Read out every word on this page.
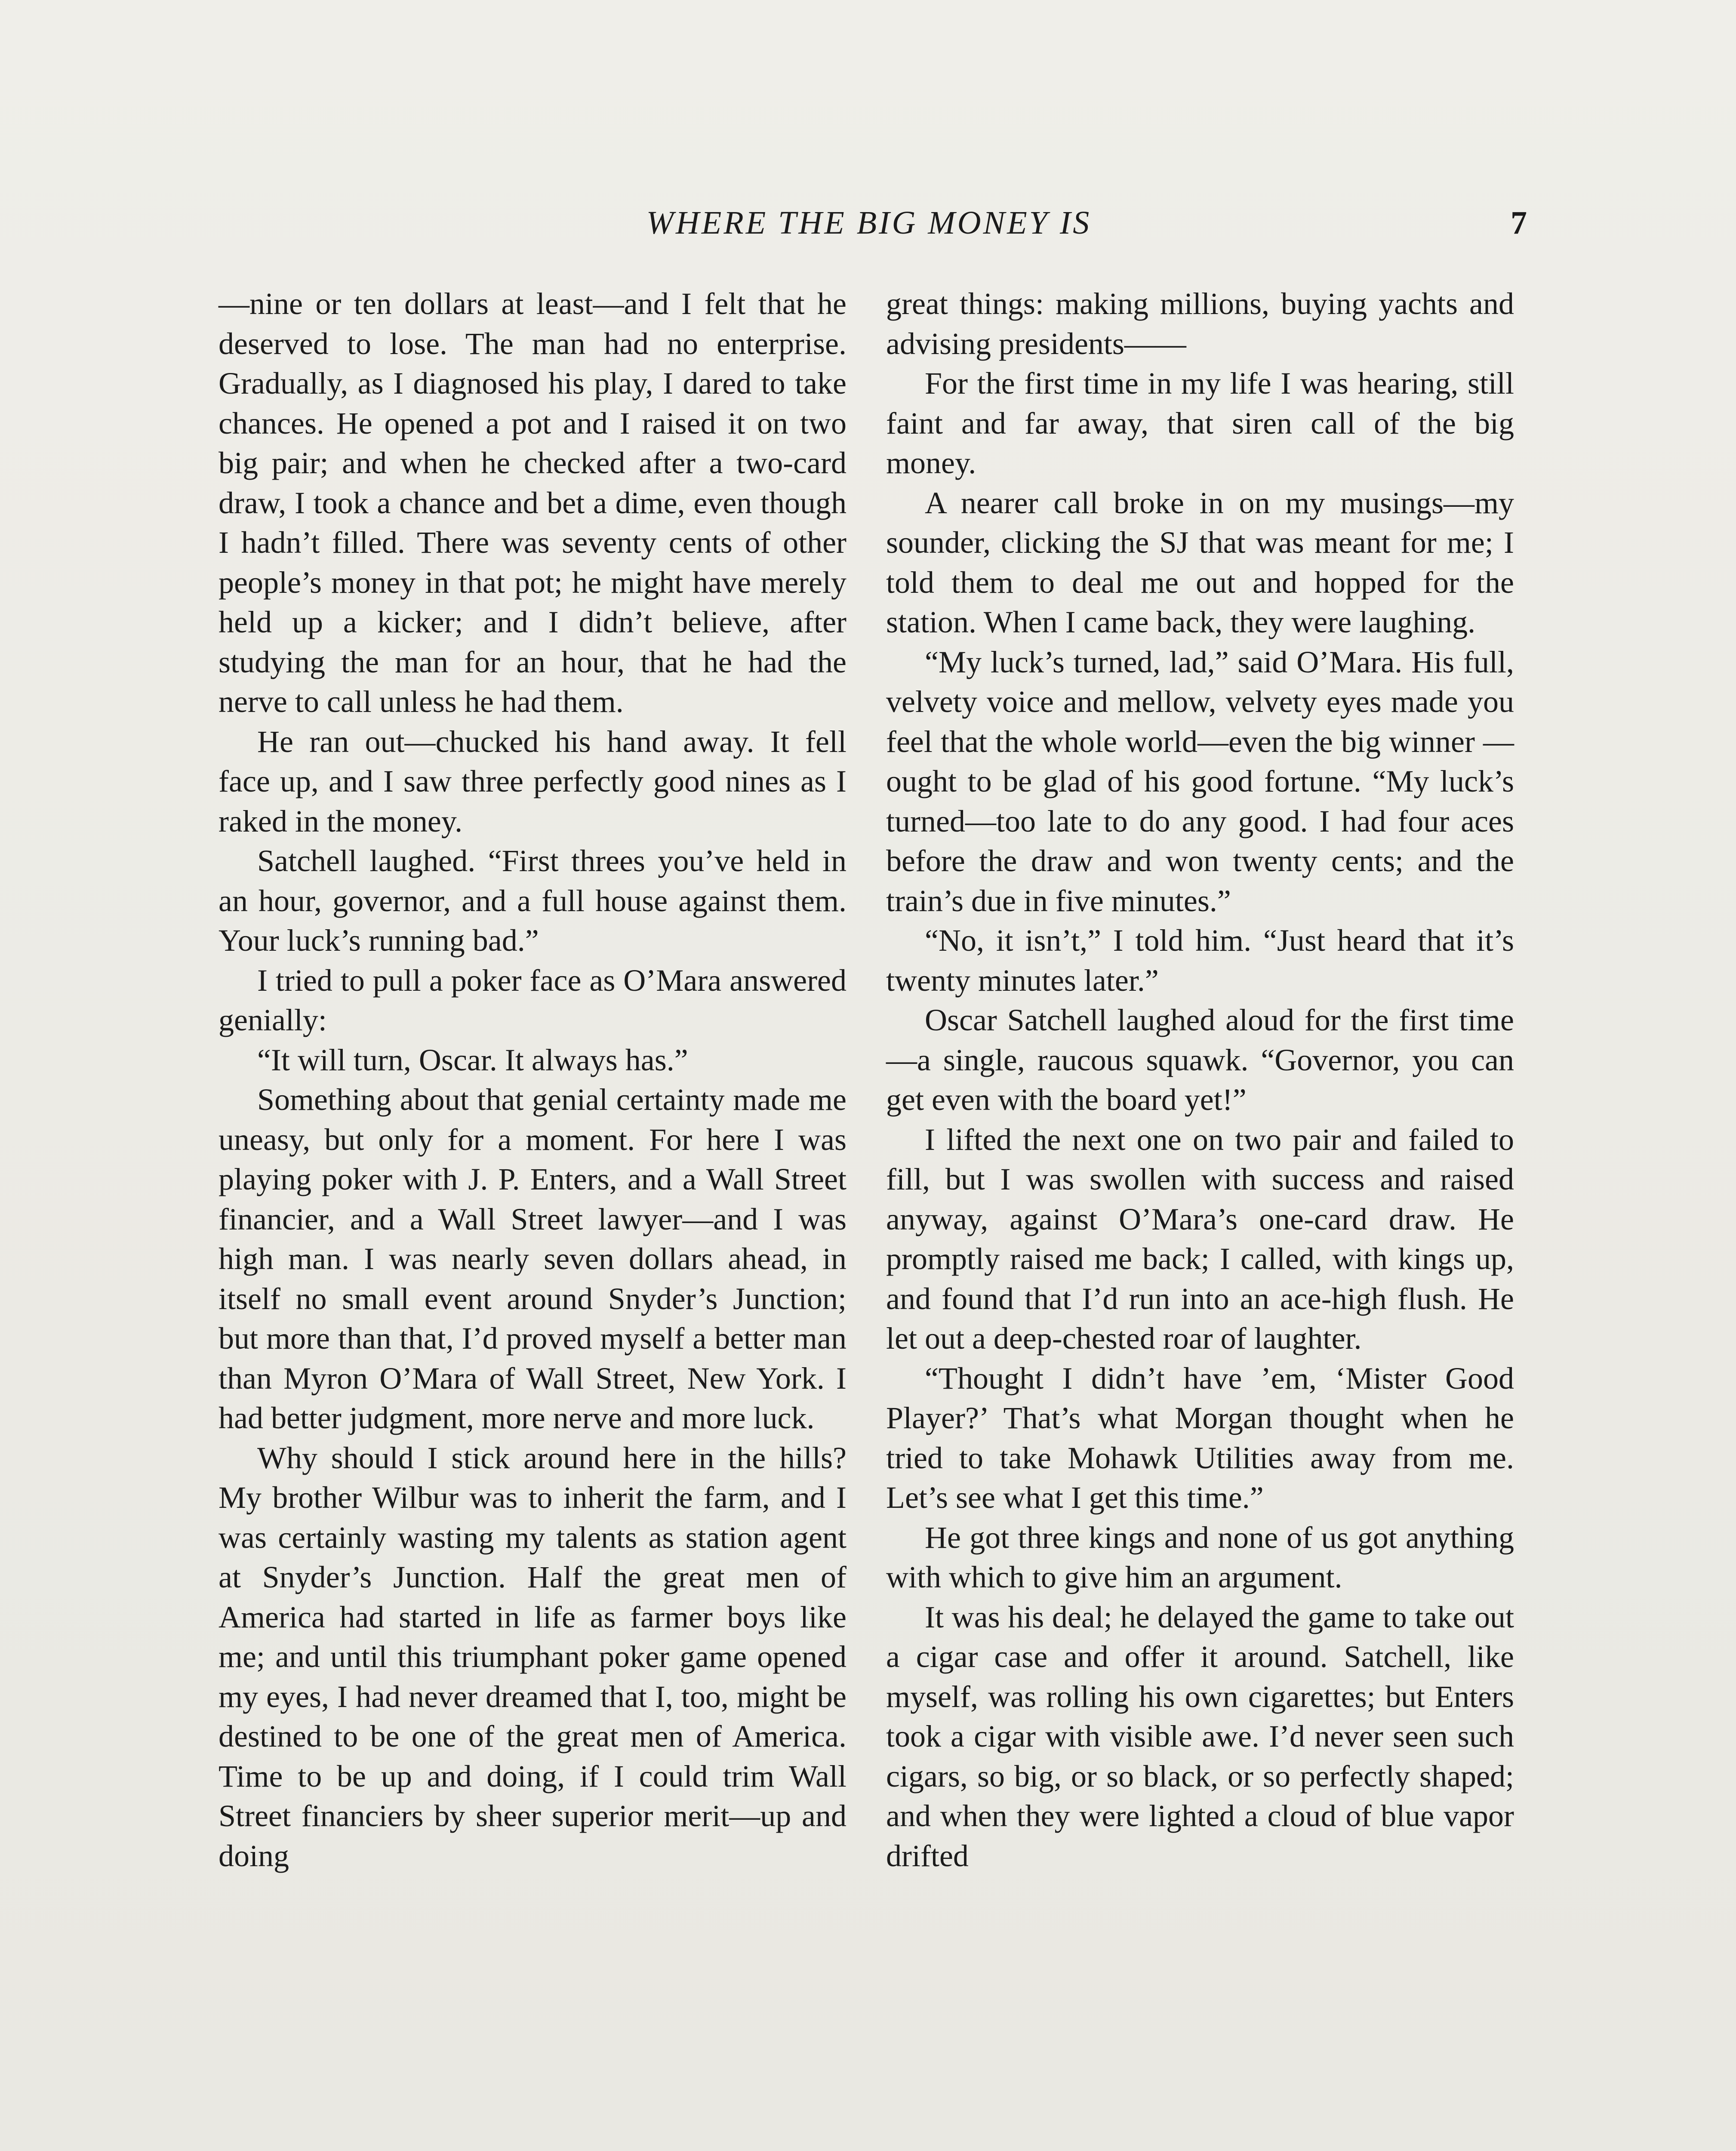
WHERE THE BIG MONEY IS	7

—nine or ten dollars at least—and I felt that he deserved to lose. The man had no enterprise. Gradually, as I diagnosed his play, I dared to take chances. He opened a pot and I raised it on two big pair; and when he checked after a two-card draw, I took a chance and bet a dime, even though I hadn’t filled. There was seventy cents of other people’s money in that pot; he might have merely held up a kicker; and I didn’t believe, after studying the man for an hour, that he had the nerve to call unless he had them.

He ran out—chucked his hand away. It fell face up, and I saw three perfectly good nines as I raked in the money.

Satchell laughed. “First threes you’ve held in an hour, governor, and a full house against them. Your luck’s running bad.”

I tried to pull a poker face as O’Mara answered genially:

“It will turn, Oscar. It always has.”

Something about that genial certainty made me uneasy, but only for a moment. For here I was playing poker with J. P. Enters, and a Wall Street financier, and a Wall Street lawyer—and I was high man. I was nearly seven dollars ahead, in itself no small event around Snyder’s Junction; but more than that, I’d proved myself a better man than Myron O’Mara of Wall Street, New York. I had better judgment, more nerve and more luck.

Why should I stick around here in the hills? My brother Wilbur was to inherit the farm, and I was certainly wasting my talents as station agent at Snyder’s Junction. Half the great men of America had started in life as farmer boys like me; and until this triumphant poker game opened my eyes, I had never dreamed that I, too, might be destined to be one of the great men of America. Time to be up and doing, if I could trim Wall Street financiers by sheer superior merit—up and doing

great things: making millions, buying yachts and advising presidents——

For the first time in my life I was hearing, still faint and far away, that siren call of the big money.

A nearer call broke in on my musings—my sounder, clicking the SJ that was meant for me; I told them to deal me out and hopped for the station. When I came back, they were laughing.

“My luck’s turned, lad,” said O’Mara. His full, velvety voice and mellow, velvety eyes made you feel that the whole world—even the big winner —ought to be glad of his good fortune. “My luck’s turned—too late to do any good. I had four aces before the draw and won twenty cents; and the train’s due in five minutes.”

“No, it isn’t,” I told him. “Just heard that it’s twenty minutes later.”

Oscar Satchell laughed aloud for the first time—a single, raucous squawk. “Governor, you can get even with the board yet!”

I lifted the next one on two pair and failed to fill, but I was swollen with success and raised anyway, against O’Mara’s one-card draw. He promptly raised me back; I called, with kings up, and found that I’d run into an ace-high flush. He let out a deep-chested roar of laughter.

“Thought I didn’t have ’em, ‘Mister Good Player?’ That’s what Morgan thought when he tried to take Mohawk Utilities away from me. Let’s see what I get this time.”

He got three kings and none of us got anything with which to give him an argument.

It was his deal; he delayed the game to take out a cigar case and offer it around. Satchell, like myself, was rolling his own cigarettes; but Enters took a cigar with visible awe. I’d never seen such cigars, so big, or so black, or so perfectly shaped; and when they were lighted a cloud of blue vapor drifted
